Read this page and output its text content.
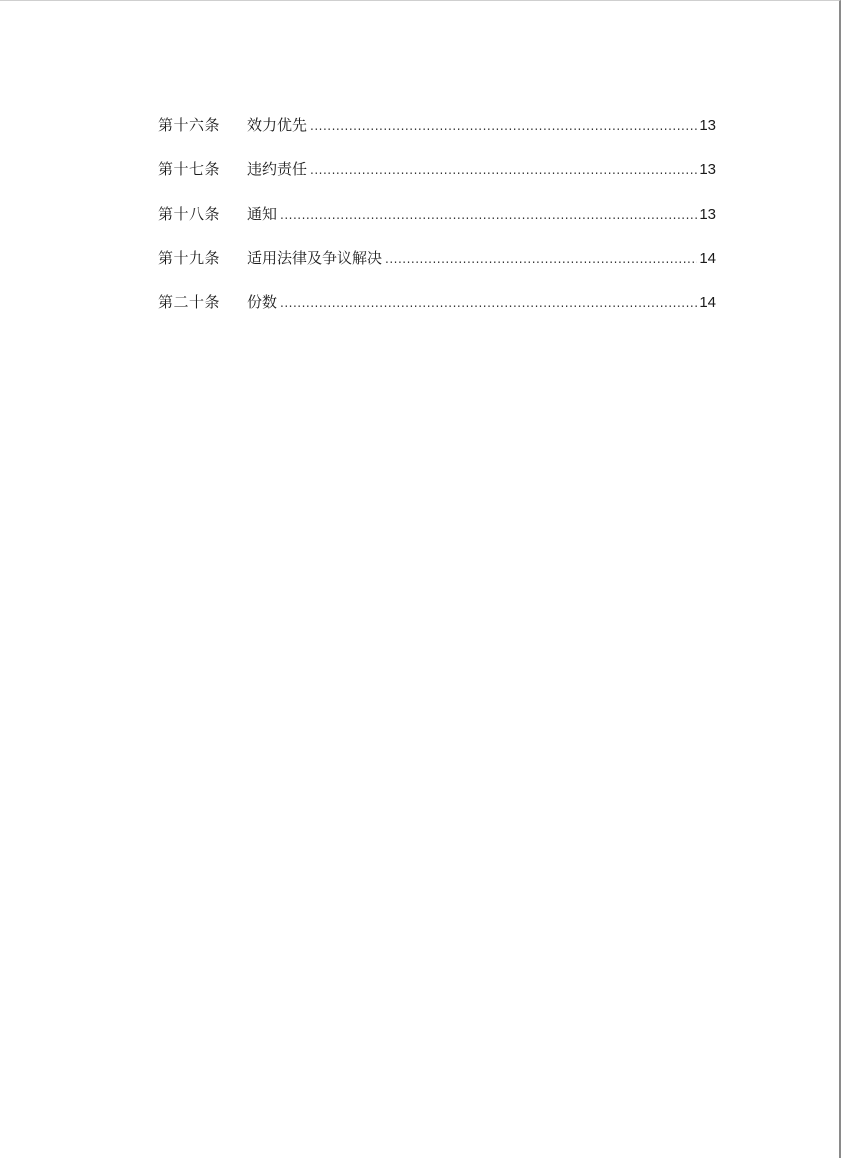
第十六条	效力优先 .....	13
第十七条	违约责任 .....	13
第十八条	通知 .....	13
第十九条	适用法律及争议解决 .....	14
第二十条	份数 .....	14
